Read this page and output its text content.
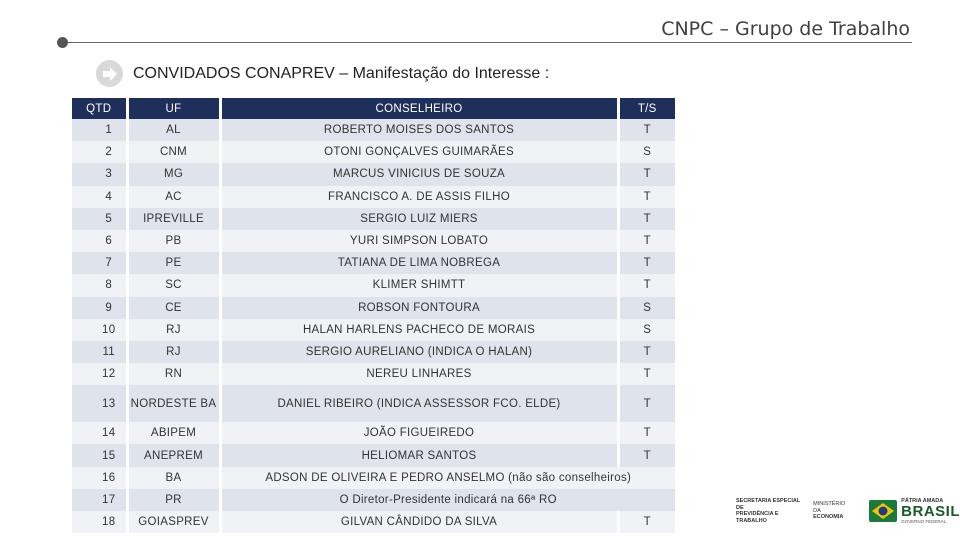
CNPC – Grupo de Trabalho
CONVIDADOS CONAPREV – Manifestação do Interesse :
QTD	UF	CONSELHEIRO	T/S
1	AL	ROBERTO MOISES DOS SANTOS	T
2	CNM	OTONI GONÇALVES GUIMARÃES	S
3	MG	MARCUS VINICIUS DE SOUZA	T
4	AC	FRANCISCO A. DE ASSIS FILHO	T
5	IPREVILLE	SERGIO LUIZ MIERS	T
6	PB	YURI SIMPSON LOBATO	T
7	PE	TATIANA DE LIMA NOBREGA	T
8	SC	KLIMER SHIMTT	T
9	CE	ROBSON FONTOURA	S
10	RJ	HALAN HARLENS PACHECO DE MORAIS	S
11	RJ	SERGIO AURELIANO (INDICA O HALAN)	T
12	RN	NEREU LINHARES	T
13	NORDESTE BA	DANIEL RIBEIRO (INDICA ASSESSOR FCO. ELDE)	T
14	ABIPEM	JOÃO FIGUEIREDO	T
15	ANEPREM	HELIOMAR SANTOS	T
16	BA	ADSON DE OLIVEIRA E PEDRO ANSELMO (não são conselheiros)	
17	PR	O Diretor-Presidente indicará na 66ª RO	
18	GOIASPREV	GILVAN CÂNDIDO DA SILVA	T
SECRETARIA ESPECIAL DE
PREVIDÊNCIA E TRABALHO
MINISTÉRIO DA
ECONOMIA
PÁTRIA AMADA
BRASIL
GOVERNO FEDERAL
